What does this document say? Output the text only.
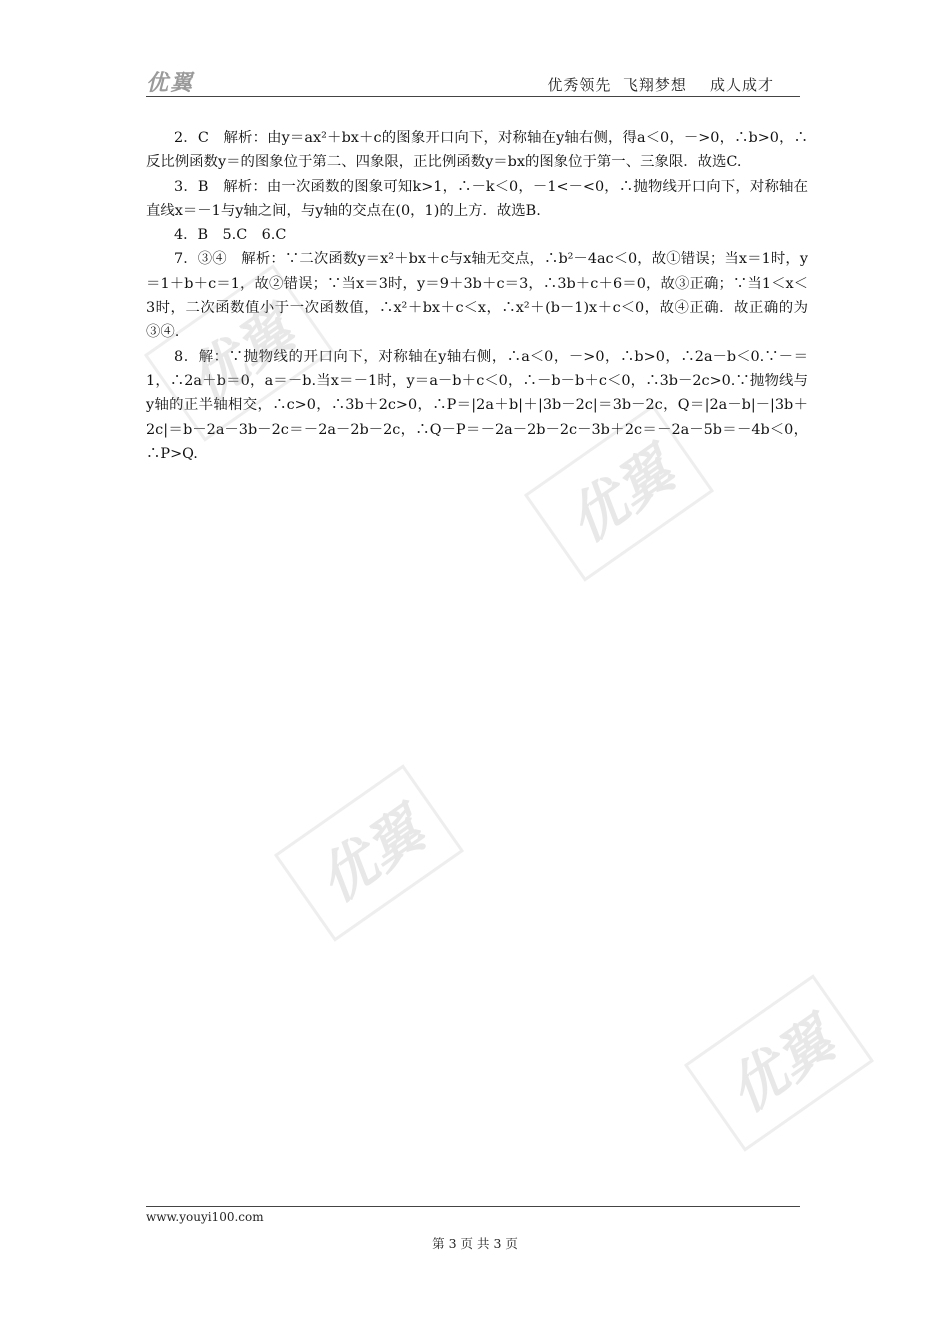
优翼	优秀领先  飞翔梦想    成人成才

2．C　解析：由y＝ax²＋bx＋c的图象开口向下，对称轴在y轴右侧，得a＜0，－>0，∴b>0，∴反比例函数y＝的图象位于第二、四象限，正比例函数y＝bx的图象位于第一、三象限．故选C.

3．B　解析：由一次函数的图象可知k>1，∴－k＜0，－1<－<0，∴抛物线开口向下，对称轴在直线x＝－1与y轴之间，与y轴的交点在(0，1)的上方．故选B.

4．B　5.C　6.C

7．③④　解析：∵二次函数y＝x²＋bx＋c与x轴无交点，∴b²－4ac＜0，故①错误；当x＝1时，y＝1＋b＋c＝1，故②错误；∵当x＝3时，y＝9＋3b＋c＝3，∴3b＋c＋6＝0，故③正确；∵当1＜x＜3时，二次函数值小于一次函数值，∴x²＋bx＋c＜x，∴x²＋(b－1)x＋c＜0，故④正确．故正确的为③④.

8．解：∵抛物线的开口向下，对称轴在y轴右侧，∴a＜0，－>0，∴b>0，∴2a－b＜0.∵－＝1，∴2a＋b＝0，a＝－b.当x＝－1时，y＝a－b＋c＜0，∴－b－b＋c＜0，∴3b－2c>0.∵抛物线与y轴的正半轴相交，∴c>0，∴3b＋2c>0，∴P＝|2a＋b|＋|3b－2c|＝3b－2c，Q＝|2a－b|－|3b＋2c|＝b－2a－3b－2c＝－2a－2b－2c，∴Q－P＝－2a－2b－2c－3b＋2c＝－2a－5b＝－4b＜0，∴P>Q.

优翼
优翼
优翼
优翼
www.youyi100.com
第 3 页 共 3 页
